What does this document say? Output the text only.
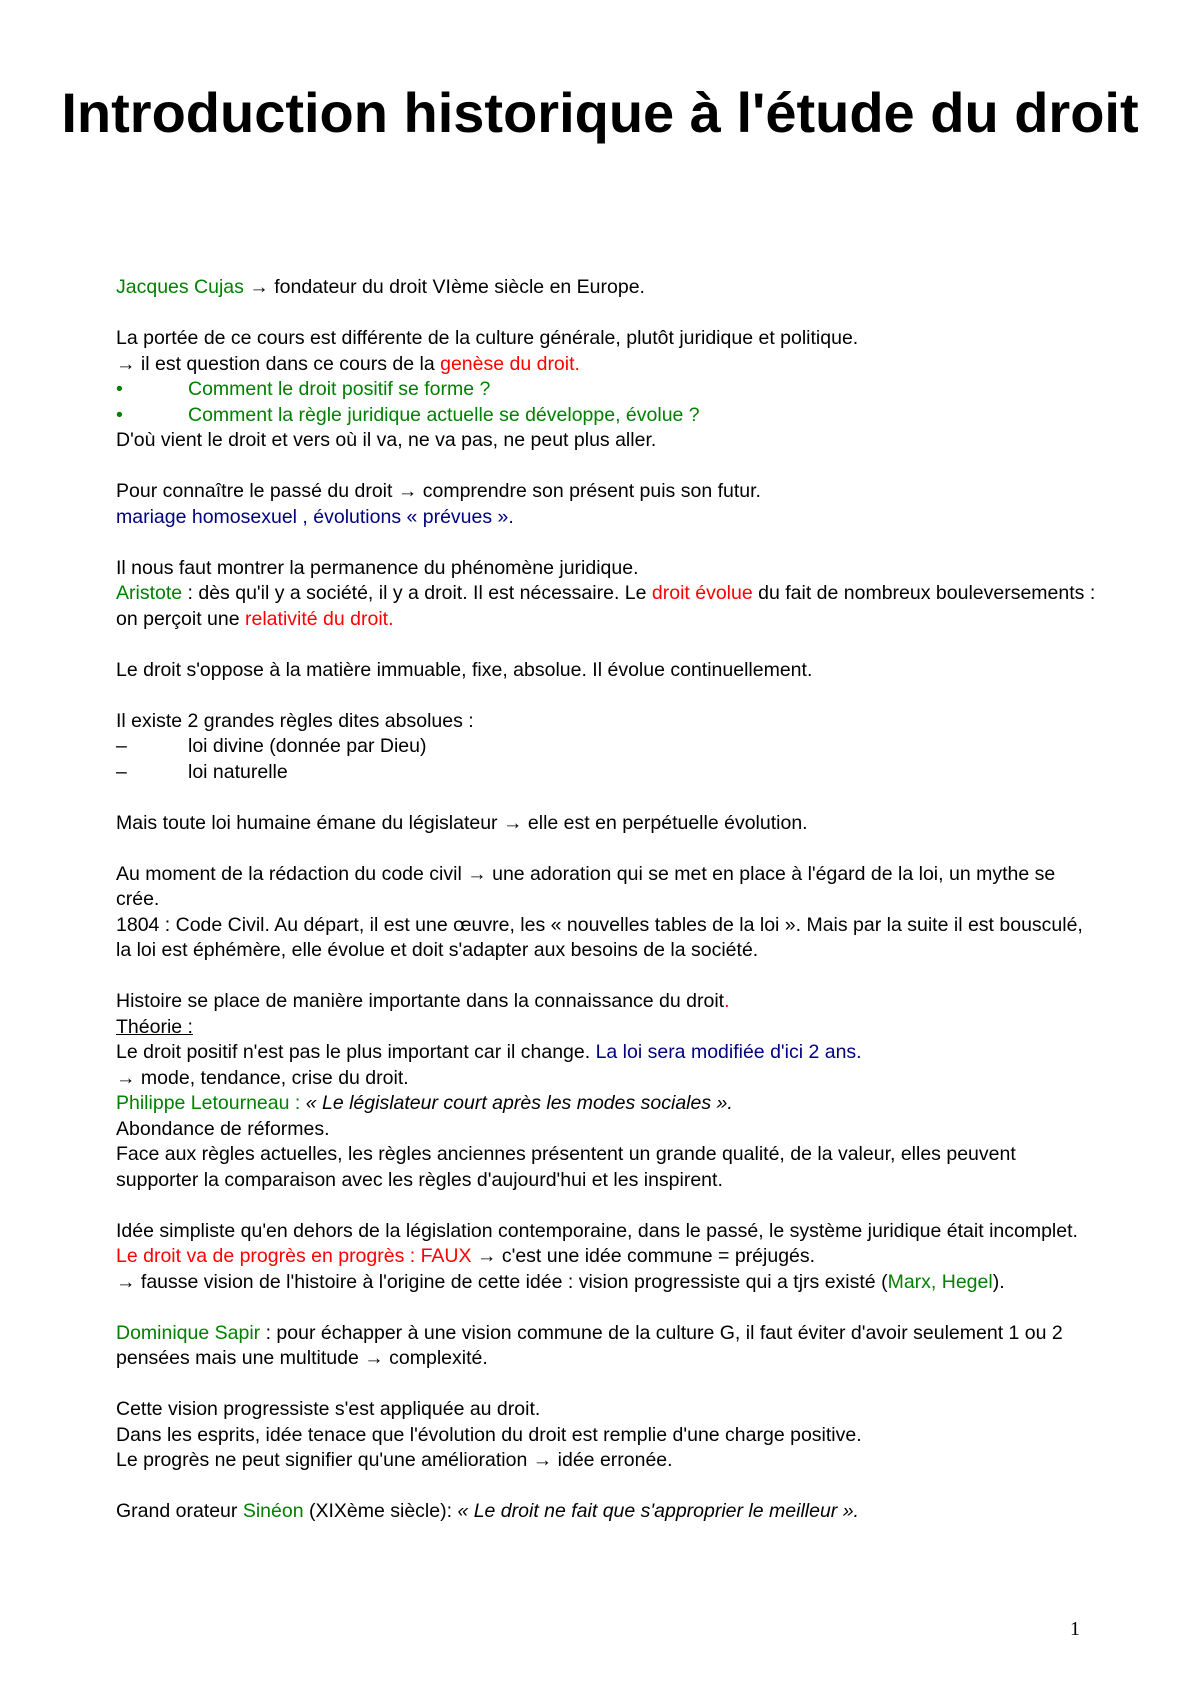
Introduction historique à l'étude du droit

Jacques Cujas → fondateur du droit VIème siècle en Europe.

La portée de ce cours est différente de la culture générale, plutôt juridique et politique.

→ il est question dans ce cours de la genèse du droit.

•	Comment le droit positif se forme ?
•	Comment la règle juridique actuelle se développe, évolue ?

D'où vient le droit et vers où il va, ne va pas, ne peut plus aller.

Pour connaître le passé du droit → comprendre son présent puis son futur.

mariage homosexuel , évolutions « prévues ».

Il nous faut montrer la permanence du phénomène juridique.

Aristote : dès qu'il y a société, il y a droit. Il est nécessaire. Le droit évolue du fait de nombreux bouleversements : on perçoit une relativité du droit.

Le droit s'oppose à la matière immuable, fixe, absolue. Il évolue continuellement.

Il existe 2 grandes règles dites absolues :

–	loi divine (donnée par Dieu)
–	loi naturelle

Mais toute loi humaine émane du législateur → elle est en perpétuelle évolution.

Au moment de la rédaction du code civil → une adoration qui se met en place à l'égard de la loi, un mythe se crée.

1804 : Code Civil. Au départ, il est une œuvre, les « nouvelles tables de la loi ». Mais par la suite il est bousculé, la loi est éphémère, elle évolue et doit s'adapter aux besoins de la société.

Histoire se place de manière importante dans la connaissance du droit.

Théorie :

Le droit positif n'est pas le plus important car il change. La loi sera modifiée d'ici 2 ans.

→ mode, tendance, crise du droit.

Philippe Letourneau : « Le législateur court après les modes sociales ».

Abondance de réformes.

Face aux règles actuelles, les règles anciennes présentent un grande qualité, de la valeur, elles peuvent supporter la comparaison avec les règles d'aujourd'hui et les inspirent.

Idée simpliste qu'en dehors de la législation contemporaine, dans le passé, le système juridique était incomplet.

Le droit va de progrès en progrès : FAUX → c'est une idée commune = préjugés.

→ fausse vision de l'histoire à l'origine de cette idée : vision progressiste qui a tjrs existé (Marx, Hegel).

Dominique Sapir : pour échapper à une vision commune de la culture G, il faut éviter d'avoir seulement 1 ou 2 pensées mais une multitude → complexité.

Cette vision progressiste s'est appliquée au droit.

Dans les esprits, idée tenace que l'évolution du droit est remplie d'une charge positive.

Le progrès ne peut signifier qu'une amélioration → idée erronée.

Grand orateur Sinéon (XIXème siècle): « Le droit ne fait que s'approprier le meilleur ».

1
